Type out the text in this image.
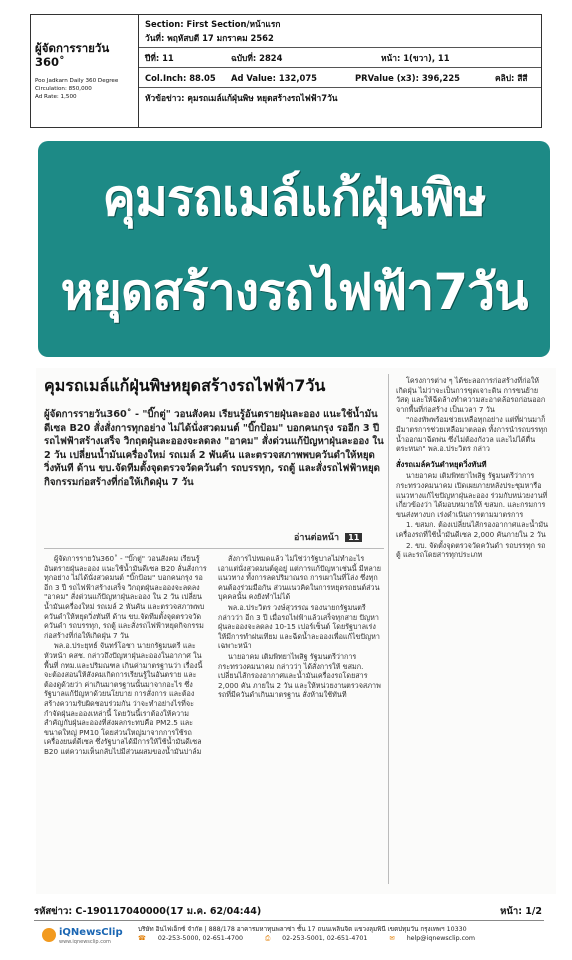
ผู้จัดการรายวัน 360˚
Poo Jadkarn Daily 360 Degree
Circulation: 850,000
Ad Rate: 1,500
Section: First Section/หน้าแรก
วันที่: พฤหัสบดี 17 มกราคม 2562
ปีที่: 11	ฉบับที่: 2824	หน้า: 1(ขวา), 11
Col.Inch: 88.05 Ad Value: 132,075	PRValue (x3): 396,225	คลิป: สีสี
หัวข้อข่าว: คุมรถเมล์แก้ฝุ่นพิษ หยุดสร้างรถไฟฟ้า7วัน
คุมรถเมล์แก้ฝุ่นพิษ
หยุดสร้างรถไฟฟ้า7วัน
คุมรถเมล์แก้ฝุ่นพิษหยุดสร้างรถไฟฟ้า7วัน
ผู้จัดการรายวัน360˚ - "บิ๊กตู่" วอนสังคม เรียนรู้อันตรายฝุ่นละออง แนะใช้น้ำมันดีเซล B20 สั่งสั่งการทุกอย่าง ไม่ได้นั่งสวดมนต์ "บิ๊กป้อม" บอกคนกรุง รออีก 3 ปี รถไฟฟ้าสร้างเสร็จ วิกฤตฝุ่นละอองจะลดลง "อาคม" สั่งด่วนแก้ปัญหาฝุ่นละออง ใน 2 วัน เปลี่ยนน้ำมันเครื่องใหม่ รถเมล์ 2 พันคัน และตรวจสภาพพบควันดำให้หยุดวิ่งทันที ด้าน ขบ.จัดทีมตั้งจุดตรวจวัดควันดำ รถบรรทุก, รถตู้ และสั่งรถไฟฟ้าหยุดกิจกรรมก่อสร้างที่ก่อให้เกิดฝุ่น 7 วัน
อ่านต่อหน้า 11

ผู้จัดการรายวัน360˚ - "บิ๊กตู่" วอนสังคม เรียนรู้อันตรายฝุ่นละออง แนะใช้น้ำมันดีเซล B20 ลั่นสั่งการทุกอย่าง ไม่ได้นั่งสวดมนต์ "บิ๊กป้อม" บอกคนกรุง รออีก 3 ปี รถไฟฟ้าสร้างเสร็จ วิกฤตฝุ่นละอองจะลดลง "อาคม" สั่งด่วนแก้ปัญหาฝุ่นละออง ใน 2 วัน เปลี่ยนน้ำมันเครื่องใหม่ รถเมล์ 2 พันคัน และตรวจสภาพพบควันดำให้หยุดวิ่งทันที ด้าน ขบ.จัดทีมตั้งจุดตรวจวัดควันดำ รถบรรทุก, รถตู้ และสั่งรถไฟฟ้าหยุดกิจกรรมก่อสร้างที่ก่อให้เกิดฝุ่น 7 วัน

พล.อ.ประยุทธ์ จันทร์โอชา นายกรัฐมนตรี และหัวหน้า คสช. กล่าวถึงปัญหาฝุ่นละอองในอากาศ ในพื้นที่ กทม.และปริมณฑล เกินค่ามาตรฐานว่า เรื่องนี้จะต้องสอนให้สังคมเกิดการเรียนรู้ในอันตราย และต้องดูด้วยว่า ค่าเกินมาตรฐานนั้นมาจากอะไร ซึ่งรัฐบาลแก้ปัญหาด้วยนโยบาย การสั่งการ และต้องสร้างความรับผิดชอบร่วมกัน ว่าจะทำอย่างไรที่จะกำจัดฝุ่นละอองเหล่านี้ โดยวันนี้เราต้องให้ความสำคัญกับฝุ่นละอองที่ส่งผลกระทบคือ PM2.5 และขนาดใหญ่ PM10 โดยส่วนใหญ่มาจากการใช้รถเครื่องยนต์ดีเซล ซึ่งรัฐบาลได้มีการให้ใช้น้ำมันดีเซล B20 แต่ความเห็นกลับไปมีส่วนผสมของน้ำมันปาล์ม

สั่งการไปหมดแล้ว ไม่ใช่ว่ารัฐบาลไม่ทำอะไร เอาแต่นั่งสวดมนต์ดูอยู่ แต่การแก้ปัญหาเช่นนี้ มีหลายแนวทาง ทั้งการลดปริมาณรถ การเผาในที่โล่ง ซึ่งทุกคนต้องร่วมมือกัน ส่วนแนวคิดในการหยุดรถยนต์ส่วนบุคคลนั้น คงยังทำไม่ได้

พล.อ.ประวิตร วงษ์สุวรรณ รองนายกรัฐมนตรี กล่าวว่า อีก 3 ปี เมื่อรถไฟฟ้าแล้วเสร็จทุกสาย ปัญหาฝุ่นละอองจะลดลง 10-15 เปอร์เซ็นต์ โดยรัฐบาลเร่งให้มีการทำฝนเทียม และฉีดน้ำละอองเพื่อแก้ไขปัญหาเฉพาะหน้า

นายอาคม เติมพิทยาไพสิฐ รัฐมนตรีว่าการกระทรวงคมนาคม กล่าวว่า ได้สั่งการให้ ขสมก. เปลี่ยนไส้กรองอากาศและน้ำมันเครื่องรถโดยสาร 2,000 คัน ภายใน 2 วัน และให้หน่วยงานตรวจสภาพรถที่มีควันดำเกินมาตรฐาน สั่งห้ามใช้ทันที

โครงการต่าง ๆ ได้ชะลอการก่อสร้างที่ก่อให้เกิดฝุ่น ไม่ว่าจะเป็นการขุดเจาะดิน การขนย้ายวัสดุ และให้ฉีดล้างทำความสะอาดล้อรถก่อนออกจากพื้นที่ก่อสร้าง เป็นเวลา 7 วัน

"กองทัพพร้อมช่วยเหลือทุกอย่าง แต่ที่ผ่านมาก็มีมาตรการช่วยเหลือมาตลอด ทั้งการนำรถบรรทุกน้ำออกมาฉีดพ่น ซึ่งไม่ต้องกังวล และไม่ได้ตื่นตระหนก" พล.อ.ประวิตร กล่าว

สั่งรถเมล์ควันดำหยุดวิ่งทันที

นายอาคม เติมพิทยาไพสิฐ รัฐมนตรีว่าการกระทรวงคมนาคม เปิดเผยภายหลังประชุมหารือแนวทางแก้ไขปัญหาฝุ่นละออง ร่วมกับหน่วยงานที่เกี่ยวข้องว่า ได้มอบหมายให้ ขสมก. และกรมการขนส่งทางบก เร่งดำเนินการตามมาตรการ

1. ขสมก. ต้องเปลี่ยนไส้กรองอากาศและน้ำมันเครื่องรถที่ใช้น้ำมันดีเซล 2,000 คันภายใน 2 วัน

2. ขบ. จัดตั้งจุดตรวจวัดควันดำ รถบรรทุก รถตู้ และรถโดยสารทุกประเภท

รหัสข่าว: C-190117040000(17 ม.ค. 62/04:44)	หน้า: 1/2
iQNewsClip
www.iqnewsclip.com
บริษัท อินไฟเอ็กซ์ จำกัด | 888/178 อาคารมหาทุนพลาซ่า ชั้น 17 ถนนเพลินจิต แขวงลุมพินี เขตปทุมวัน กรุงเทพฯ 10330
☎ 02-253-5000, 02-651-4700	⎙ 02-253-5001, 02-651-4701	✉ help@iqnewsclip.com
